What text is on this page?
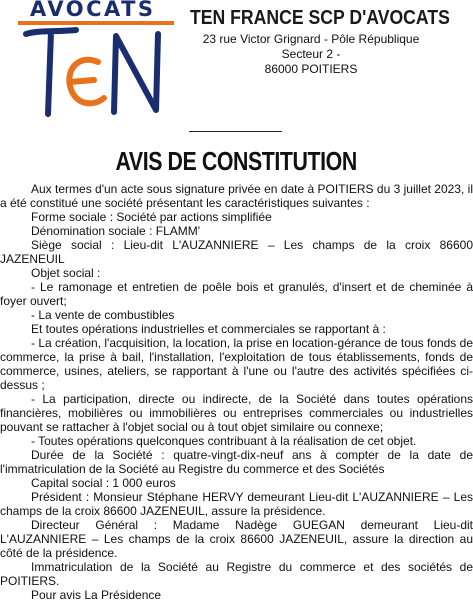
AVOCATS TEN FRANCE SCP D'AVOCATS
23 rue Victor Grignard - Pôle République
Secteur 2 -
86000 POITIERS
AVIS DE CONSTITUTION

Aux termes d'un acte sous signature privée en date à POITIERS du 3 juillet 2023, il a été constitué une société présentant les caractéristiques suivantes :

Forme sociale : Société par actions simplifiée

Dénomination sociale : FLAMM'

Siège social : Lieu-dit L'AUZANNIERE – Les champs de la croix 86600 JAZENEUIL

Objet social :

- Le ramonage et entretien de poêle bois et granulés, d'insert et de cheminée à foyer ouvert;

- La vente de combustibles

Et toutes opérations industrielles et commerciales se rapportant à :

- La création, l'acquisition, la location, la prise en location-gérance de tous fonds de commerce, la prise à bail, l'installation, l'exploitation de tous établissements, fonds de commerce, usines, ateliers, se rapportant à l'une ou l'autre des activités spécifiées ci-dessus ;

- La participation, directe ou indirecte, de la Société dans toutes opérations financières, mobilières ou immobilières ou entreprises commerciales ou industrielles pouvant se rattacher à l'objet social ou à tout objet similaire ou connexe;

- Toutes opérations quelconques contribuant à la réalisation de cet objet.

Durée de la Société : quatre-vingt-dix-neuf ans à compter de la date de l'immatriculation de la Société au Registre du commerce et des Sociétés

Capital social : 1 000 euros

Président : Monsieur Stéphane HERVY demeurant Lieu-dit L'AUZANNIERE – Les champs de la croix 86600 JAZENEUIL, assure la présidence.

Directeur Général : Madame Nadège GUEGAN demeurant Lieu-dit L'AUZANNIERE – Les champs de la croix 86600 JAZENEUIL, assure la direction au côté de la présidence.

Immatriculation de la Société au Registre du commerce et des sociétés de POITIERS.

Pour avis La Présidence
